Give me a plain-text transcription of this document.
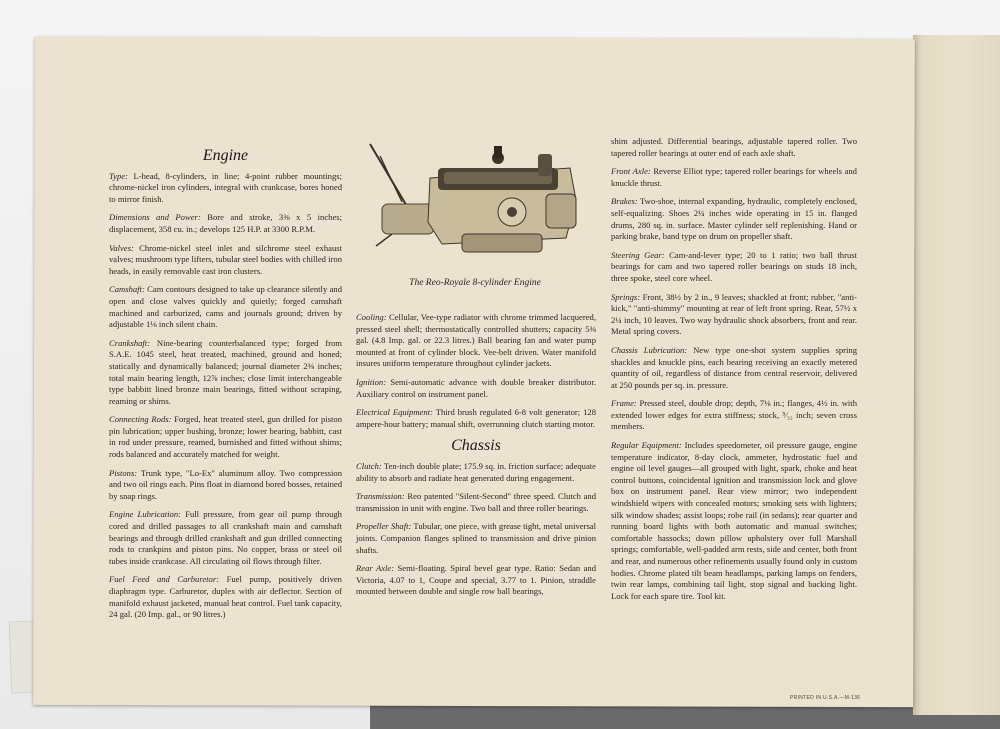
Engine
Type: L-head, 8-cylinders, in line; 4-point rubber mountings; chrome-nickel iron cylinders, integral with crankcase, bores honed to mirror finish.
Dimensions and Power: Bore and stroke, 3⅜ x 5 inches; displacement, 358 cu. in.; develops 125 H.P. at 3300 R.P.M.
Valves: Chrome-nickel steel inlet and silchrome steel exhaust valves; mushroom type lifters, tubular steel bodies with chilled iron heads, in easily removable cast iron clusters.
Camshaft: Cam contours designed to take up clearance silently and open and close valves quickly and quietly; forged camshaft machined and carburized, cams and journals ground; driven by adjustable 1⅛ inch silent chain.
Crankshaft: Nine-bearing counterbalanced type; forged from S.A.E. 1045 steel, heat treated, machined, ground and honed; statically and dynamically balanced; journal diameter 2⅜ inches; total main bearing length, 12⅞ inches; close limit interchangeable type babbitt lined bronze main bearings, fitted without scraping, reaming or shims.
Connecting Rods: Forged, heat treated steel, gun drilled for piston pin lubrication; upper bushing, bronze; lower bearing, babbitt, cast in rod under pressure, reamed, burnished and fitted without shims; rods balanced and accurately matched for weight.
Pistons: Trunk type, "Lo-Ex" aluminum alloy. Two compression and two oil rings each. Pins float in diamond bored bosses, retained by snap rings.
Engine Lubrication: Full pressure, from gear oil pump through cored and drilled passages to all crankshaft main and camshaft bearings and through drilled crankshaft and gun drilled connecting rods to crankpins and piston pins. No copper, brass or steel oil tubes inside crankcase. All circulating oil flows through filter.
Fuel Feed and Carburetor: Fuel pump, positively driven diaphragm type. Carburetor, duplex with air deflector. Section of manifold exhaust jacketed, manual heat control. Fuel tank capacity, 24 gal. (20 Imp. gal., or 90 litres.)
The Reo-Royale 8-cylinder Engine
Cooling: Cellular, Vee-type radiator with chrome trimmed lacquered, pressed steel shell; thermostatically controlled shutters; capacity 5⅜ gal. (4.8 Imp. gal. or 22.3 litres.) Ball bearing fan and water pump mounted at front of cylinder block. Vee-belt driven. Water manifold insures uniform temperature throughout cylinder jackets.
Ignition: Semi-automatic advance with double breaker distributor. Auxiliary control on instrument panel.
Electrical Equipment: Third brush regulated 6-8 volt generator; 128 ampere-hour battery; manual shift, overrunning clutch starting motor.
Chassis
Clutch: Ten-inch double plate; 175.9 sq. in. friction surface; adequate ability to absorb and radiate heat generated during engagement.
Transmission: Reo patented "Silent-Second" three speed. Clutch and transmission in unit with engine. Two ball and three roller bearings.
Propeller Shaft: Tubular, one piece, with grease tight, metal universal joints. Companion flanges splined to transmission and drive pinion shafts.
Rear Axle: Semi-floating. Spiral bevel gear type. Ratio: Sedan and Victoria, 4.07 to 1, Coupe and special, 3.77 to 1. Pinion, straddle mounted between double and single row ball bearings,
shim adjusted. Differential bearings, adjustable tapered roller. Two tapered roller bearings at outer end of each axle shaft.
Front Axle: Reverse Elliot type; tapered roller bearings for wheels and knuckle thrust.
Brakes: Two-shoe, internal expanding, hydraulic, completely enclosed, self-equalizing. Shoes 2¼ inches wide operating in 15 in. flanged drums, 280 sq. in. surface. Master cylinder self replenishing. Hand or parking brake, band type on drum on propeller shaft.
Steering Gear: Cam-and-lever type; 20 to 1 ratio; two ball thrust bearings for cam and two tapered roller bearings on studs 18 inch, three spoke, steel core wheel.
Springs: Front, 38½ by 2 in., 9 leaves; shackled at front; rubber, "anti-kick," "anti-shimmy" mounting at rear of left front spring. Rear, 57½ x 2¼ inch, 10 leaves. Two way hydraulic shock absorbers, front and rear. Metal spring covers.
Chassis Lubrication: New type one-shot system supplies spring shackles and knuckle pins, each bearing receiving an exactly metered quantity of oil, regardless of distance from central reservoir, delivered at 250 pounds per sq. in. pressure.
Frame: Pressed steel, double drop; depth, 7⅛ in.; flanges, 4½ in. with extended lower edges for extra stiffness; stock, ⁵⁄₃₂ inch; seven cross members.
Regular Equipment: Includes speedometer, oil pressure gauge, engine temperature indicator, 8-day clock, ammeter, hydrostatic fuel and engine oil level gauges—all grouped with light, spark, choke and heat control buttons, coincidental ignition and transmission lock and glove box on instrument panel. Rear view mirror; two independent windshield wipers with concealed motors; smoking sets with lighters; silk window shades; assist loops; robe rail (in sedans); rear quarter and running board lights with both automatic and manual switches; comfortable hassocks; down pillow upholstery over full Marshall springs; comfortable, well-padded arm rests, side and center, both front and rear, and numerous other refinements usually found only in custom bodies. Chrome plated tilt beam headlamps, parking lamps on fenders, twin rear lamps, combining tail light, stop signal and backing light. Lock for each spare tire. Tool kit.
PRINTED IN U.S.A.—M-136
